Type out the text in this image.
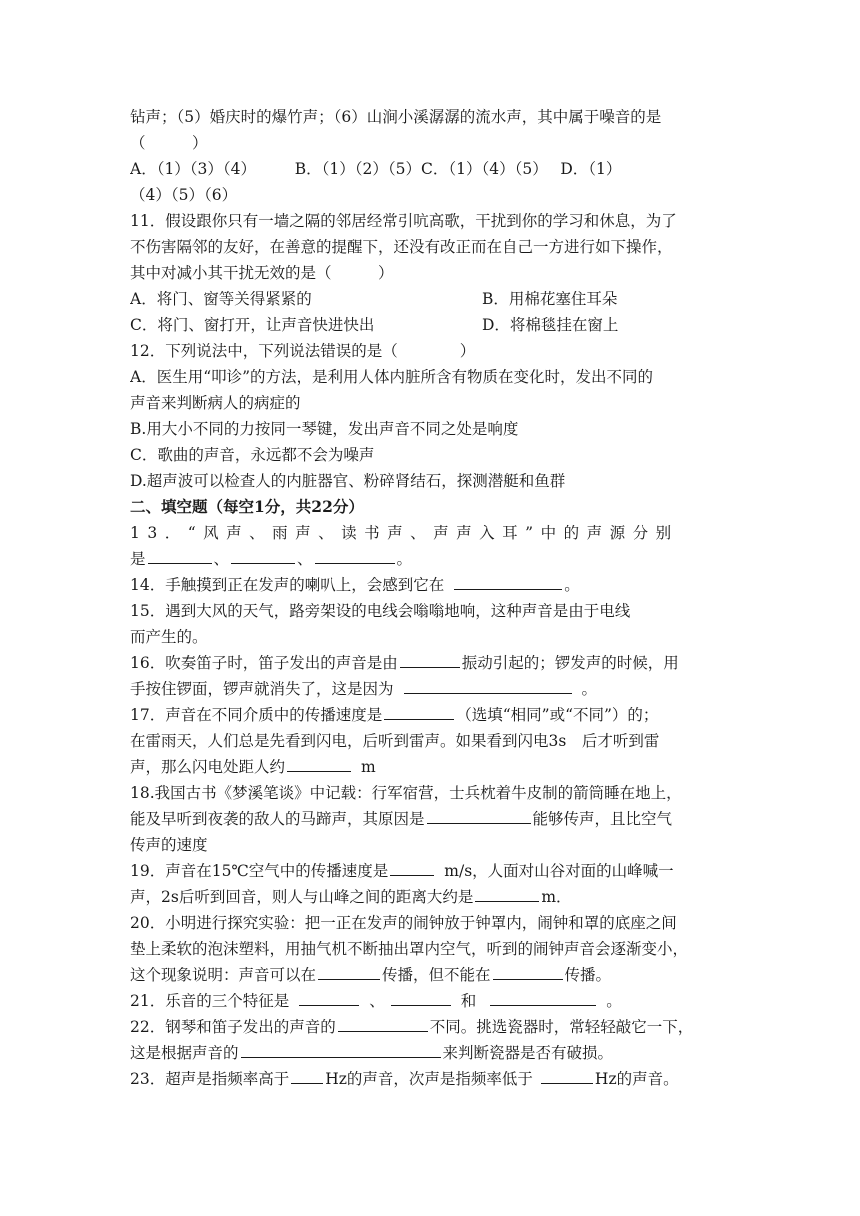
钻声；（5）婚庆时的爆竹声；（6）山涧小溪潺潺的流水声，其中属于噪音的是
（　　　）
A．（1）（3）（4）　　　B．（1）（2）（5）C．（1）（4）（5）　 D．（1）
（4）（5）（6）
11．假设跟你只有一墙之隔的邻居经常引吭高歌，干扰到你的学习和休息，为了
不伤害隔邻的友好，在善意的提醒下，还没有改正而在自己一方进行如下操作，
其中对减小其干扰无效的是（　　　）
A．将门、窗等关得紧紧的	B．用棉花塞住耳朵
C．将门、窗打开，让声音快进快出	D．将棉毯挂在窗上
12．下列说法中，下列说法错误的是（　　　　）
A．医生用“叩诊”的方法，是利用人体内脏所含有物质在变化时，发出不同的
声音来判断病人的病症的
B.用大小不同的力按同一琴键，发出声音不同之处是响度
C．歌曲的声音，永远都不会为噪声
D.超声波可以检查人的内脏器官、粉碎肾结石，探测潜艇和鱼群
二、填空题（每空1分，共22分）
13．“风声、雨声、读书声、声声入耳”中的声源分别
是	、	、	。
14．手触摸到正在发声的喇叭上，会感到它在	。
15．遇到大风的天气，路旁架设的电线会嗡嗡地响，这种声音是由于电线
而产生的。
16．吹奏笛子时，笛子发出的声音是由	振动引起的；锣发声的时候，用
手按住锣面，锣声就消失了，这是因为	。
17．声音在不同介质中的传播速度是	（选填“相同”或“不同”）的；
在雷雨天，人们总是先看到闪电，后听到雷声。如果看到闪电3s　后才听到雷
声，那么闪电处距人约	m
18.我国古书《梦溪笔谈》中记载：行军宿营，士兵枕着牛皮制的箭筒睡在地上，
能及早听到夜袭的敌人的马蹄声，其原因是	能够传声，且比空气
传声的速度
19．声音在15℃空气中的传播速度是	m/s，人面对山谷对面的山峰喊一
声，2s后听到回音，则人与山峰之间的距离大约是	m．
20．小明进行探究实验：把一正在发声的闹钟放于钟罩内，闹钟和罩的底座之间
垫上柔软的泡沫塑料，用抽气机不断抽出罩内空气，听到的闹钟声音会逐渐变小，
这个现象说明：声音可以在	传播，但不能在	传播。
21．乐音的三个特征是	、	和	。
22．钢琴和笛子发出的声音的	不同。挑选瓷器时，常轻轻敲它一下，
这是根据声音的	来判断瓷器是否有破损。
23．超声是指频率高于 Hz的声音，次声是指频率低于	Hz的声音。
